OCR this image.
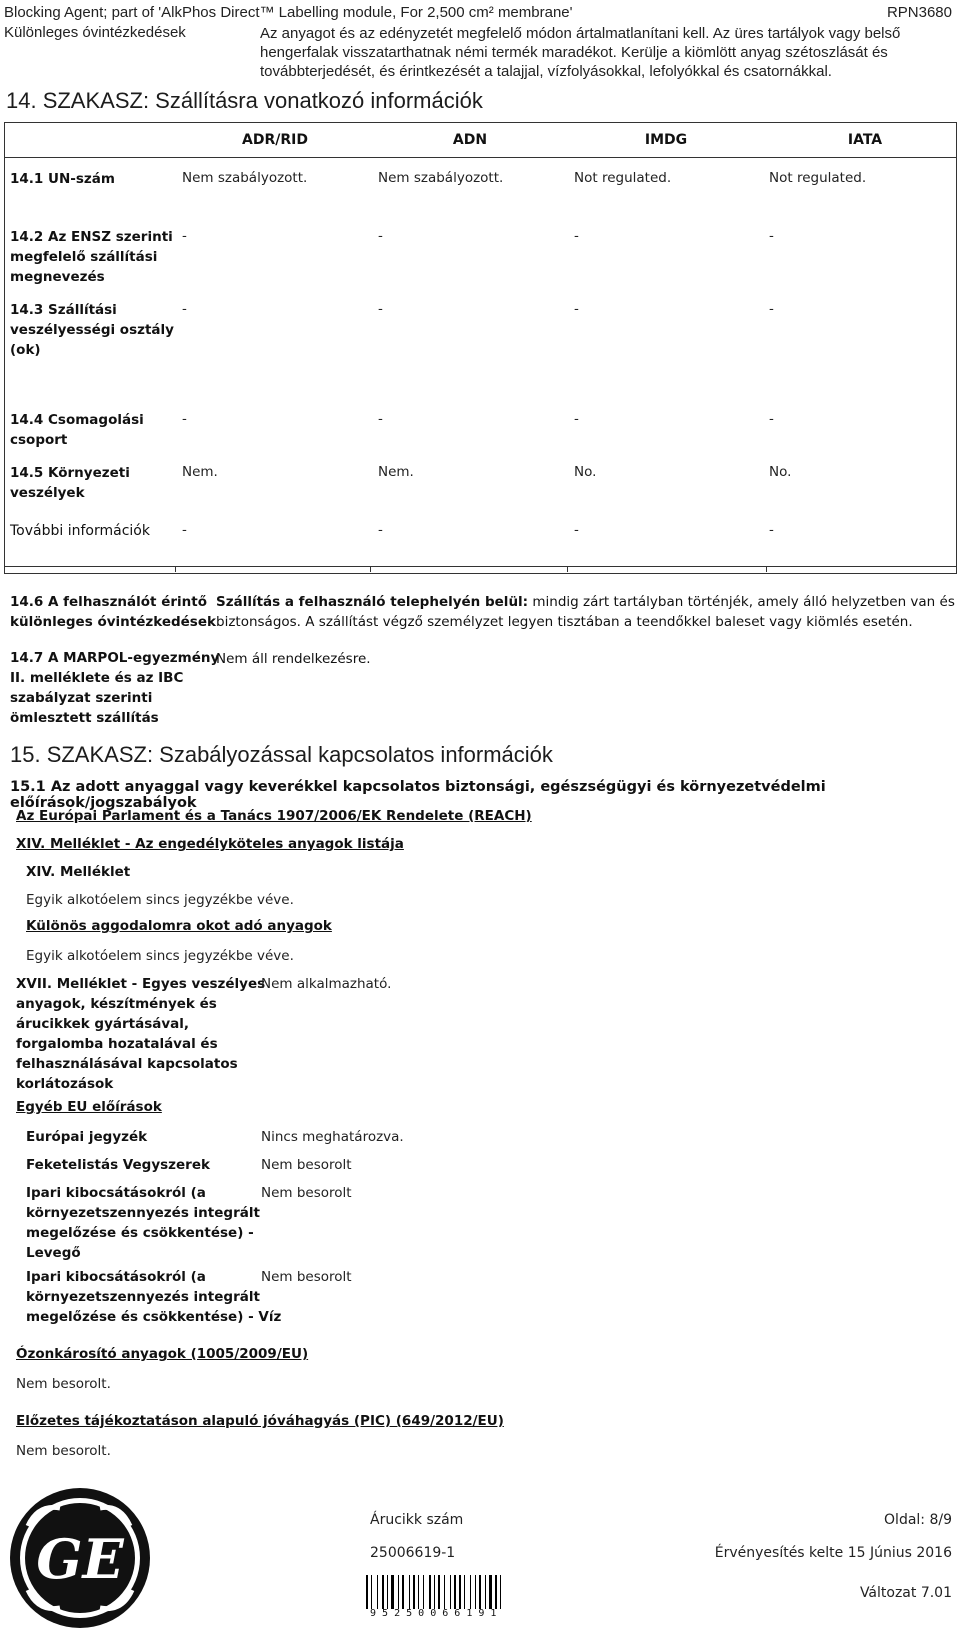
Blocking Agent; part of 'AlkPhos Direct™ Labelling module, For 2,500 cm² membrane'	RPN3680
Különleges óvintézkedések	Az anyagot és az edényzetét megfelelő módon ártalmatlanítani kell. Az üres tartályok vagy belső
hengerfalak visszatarthatnak némi termék maradékot. Kerülje a kiömlött anyag szétoszlását és
továbbterjedését, és érintkezését a talajjal, vízfolyásokkal, lefolyókkal és csatornákkal.
14. SZAKASZ: Szállításra vonatkozó információk
ADR/RID	ADN	IMDG	IATA
14.1 UN-szám	Nem szabályozott.	Nem szabályozott.	Not regulated.	Not regulated.
14.2 Az ENSZ szerinti
megfelelő szállítási
megnevezés
-	-	-	-
14.3 Szállítási
veszélyességi osztály
(ok)
-	-	-	-
14.4 Csomagolási
csoport
-	-	-	-
14.5 Környezeti
veszélyek
Nem.	Nem.	No.	No.
További információk -	-	-	-
14.6 A felhasználót érintő
különleges óvintézkedések
Szállítás a felhasználó telephelyén belül: mindig zárt tartályban történjék, amely álló helyzetben van és
biztonságos. A szállítást végző személyzet legyen tisztában a teendőkkel baleset vagy kiömlés esetén.
14.7 A MARPOL-egyezmény
II. melléklete és az IBC
szabályzat szerinti
ömlesztett szállítás
Nem áll rendelkezésre.
15. SZAKASZ: Szabályozással kapcsolatos információk
15.1 Az adott anyaggal vagy keverékkel kapcsolatos biztonsági, egészségügyi és környezetvédelmi előírások/jogszabályok
Az Európai Parlament és a Tanács 1907/2006/EK Rendelete (REACH)
XIV. Melléklet - Az engedélyköteles anyagok listája
XIV. Melléklet
Egyik alkotóelem sincs jegyzékbe véve.
Különös aggodalomra okot adó anyagok
Egyik alkotóelem sincs jegyzékbe véve.
XVII. Melléklet - Egyes veszélyes
anyagok, készítmények és
árucikkek gyártásával,
forgalomba hozatalával és
felhasználásával kapcsolatos
korlátozások
Nem alkalmazható.
Egyéb EU előírások
Európai jegyzék	Nincs meghatározva.
Feketelistás Vegyszerek	Nem besorolt
Ipari kibocsátásokról (a
környezetszennyezés integrált
megelőzése és csökkentése) -
Levegő
Nem besorolt
Ipari kibocsátásokról (a
környezetszennyezés integrált
megelőzése és csökkentése) - Víz
Nem besorolt
Ózonkárosító anyagok (1005/2009/EU)
Nem besorolt.
Előzetes tájékoztatáson alapuló jóváhagyás (PIC) (649/2012/EU)
Nem besorolt.
GE
Árucikk szám	Oldal: 8/9
25006619-1	Érvényesítés kelte 15 Június 2016
Változat 7.01
9 5 2 5 0 0 6 6 1 9 1
